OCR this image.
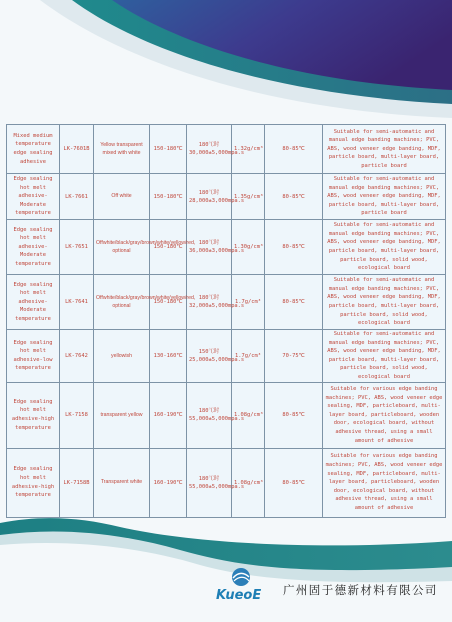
Mixed medium temperature edge sealing adhesive	LK-7601B	Yellow transparent mixed with white	150-180℃	180℃时30,000±5,000mpa.s	1.32g/cm³	80-85℃	Suitable for semi-automatic and manual edge banding machines; PVC, ABS, wood veneer edge banding, MDF, particle board, multi-layer board, particle board
Edge sealing hot melt adhesive-Moderate temperature	LK-7661	Off white	150-180℃	180℃时28,000±3,000mpa.s	1.35g/cm³	80-85℃	Suitable for semi-automatic and manual edge banding machines; PVC, ABS, wood veneer edge banding, MDF, particle board, multi-layer board, particle board
Edge sealing hot melt adhesive-Moderate temperature	LK-7651	Offwhite/black/gray/brown/white/yellow/red, optional	150-180℃	180℃时36,000±3,000mpa.s	1.30g/cm³	80-85℃	Suitable for semi-automatic and manual edge banding machines; PVC, ABS, wood veneer edge banding, MDF, particle board, multi-layer board, particle board, solid wood, ecological board
Edge sealing hot melt adhesive-Moderate temperature	LK-7641	Offwhite/black/gray/brown/white/yellow/red, optional	150-180℃	180℃时32,000±5,000mpa.s	1.7g/cm³	80-85℃	Suitable for semi-automatic and manual edge banding machines; PVC, ABS, wood veneer edge banding, MDF, particle board, multi-layer board, particle board, solid wood, ecological board
Edge sealing hot melt adhesive-low temperature	LK-7642	yellowish	130-160℃	150℃时25,000±5,000mpa.s	1.7g/cm³	70-75℃	Suitable for semi-automatic and manual edge banding machines; PVC, ABS, wood veneer edge banding, MDF, particle board, multi-layer board, particle board, solid wood, ecological board
Edge sealing hot melt adhesive-high temperature	LK-7158	transparent yellow	160-190℃	180℃时55,000±5,000mpa.s	1.08g/cm³	80-85℃	Suitable for various edge banding machines; PVC, ABS, wood veneer edge sealing, MDF, particleboard, multi-layer board, particleboard, wooden door, ecological board, without adhesive thread, using a small amount of adhesive
Edge sealing hot melt adhesive-high temperature	LK-7158B	Transparent white	160-190℃	180℃时55,000±5,000mpa.s	1.08g/cm³	80-85℃	Suitable for various edge banding machines; PVC, ABS, wood veneer edge sealing, MDF, particleboard, multi-layer board, particleboard, wooden door, ecological board, without adhesive thread, using a small amount of adhesive
KueoE 广州固于德新材料有限公司
